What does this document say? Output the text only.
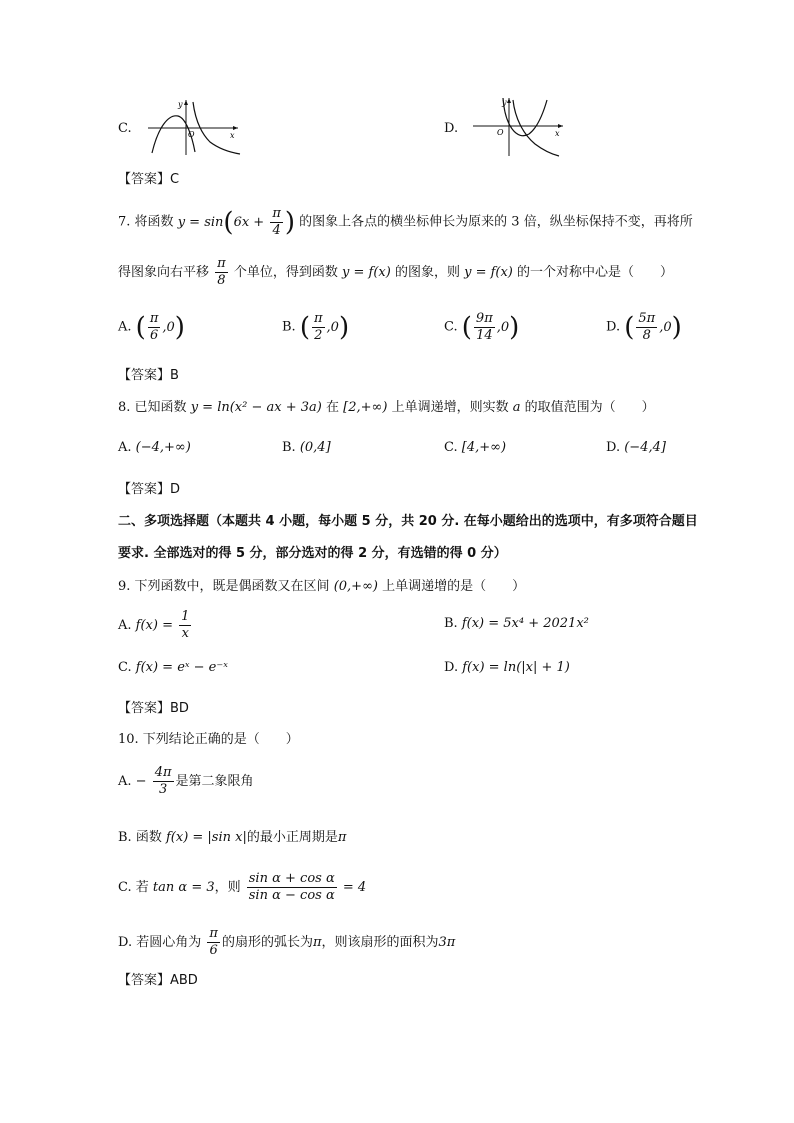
C.
y
x
O	D.
y
x
O
【答案】C
7. 将函数 $y = \sin(6x + \frac{\pi}{4}$ ) 的图象上各点的横坐标伸长为原来的 3 倍，纵坐标保持不变，再将所
得图象向右平移 $\frac{\pi}{8}$ 个单位，得到函数 y = f(x) 的图象，则 y = f(x) 的一个对称中心是（　　）
A. ( $\frac{\pi}{6} ,0$)	B. ( $\frac{\pi}{2} ,0$)	C. ( $\frac{9\pi}{14} ,0$)	D. ( $\frac{5\pi}{8} ,0$)
【答案】B
8. 已知函数 y = ln(x² − ax + 3a) 在 [2,+∞) 上单调递增，则实数 a 的取值范围为（　　）
A. (−4,+∞)	B. (0,4]	C. [4,+∞)	D. (−4,4]
【答案】D
二、多项选择题（本题共 4 小题，每小题 5 分，共 20 分. 在每小题给出的选项中，有多项符合题目
要求. 全部选对的得 5 分，部分选对的得 2 分，有选错的得 0 分）
9. 下列函数中，既是偶函数又在区间 (0,+∞) 上单调递增的是（　　）
A. $f(x) = \frac{1}{x}$	B. f(x) = 5x⁴ + 2021x²
C. f(x) = eˣ − e⁻ˣ	D. f(x) = ln(|x| + 1)
【答案】BD
10. 下列结论正确的是（　　）
A. − $\frac{4\pi}{3}$ 是第二象限角
B. 函数 f(x) = |sin x|的最小正周期是π
C. 若 tan α = 3，则 $\frac{\text{sin α + cos α}}{\text{sin α − cos α}} = 4$
D. 若圆心角为 $\frac{\pi}{6}$ 的扇形的弧长为π，则该扇形的面积为3π
【答案】ABD
